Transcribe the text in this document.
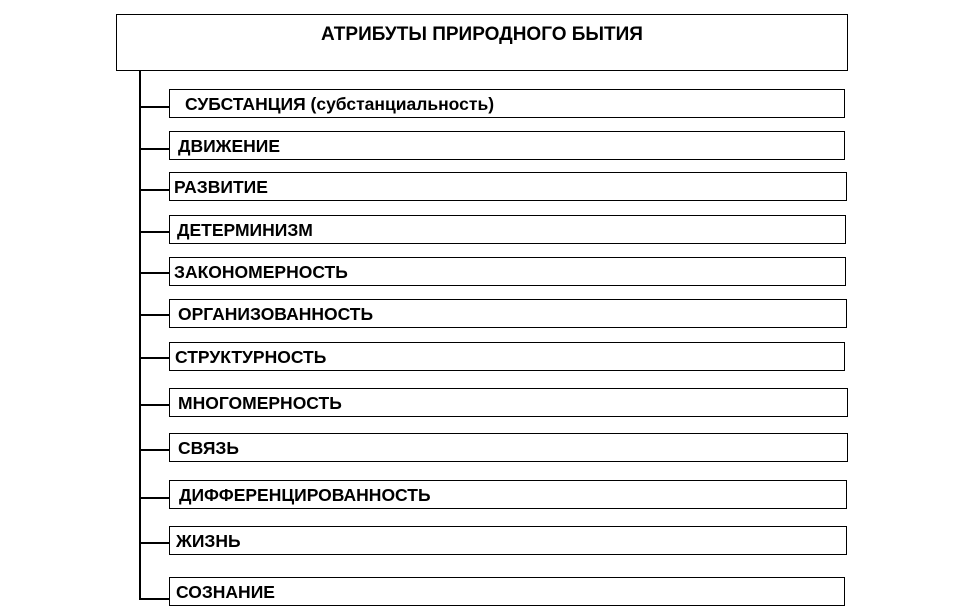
АТРИБУТЫ ПРИРОДНОГО БЫТИЯ
СУБСТАНЦИЯ (субстанциальность)
ДВИЖЕНИЕ
РАЗВИТИЕ
ДЕТЕРМИНИЗМ
ЗАКОНОМЕРНОСТЬ
ОРГАНИЗОВАННОСТЬ
СТРУКТУРНОСТЬ
МНОГОМЕРНОСТЬ
СВЯЗЬ
ДИФФЕРЕНЦИРОВАННОСТЬ
ЖИЗНЬ
СОЗНАНИЕ
